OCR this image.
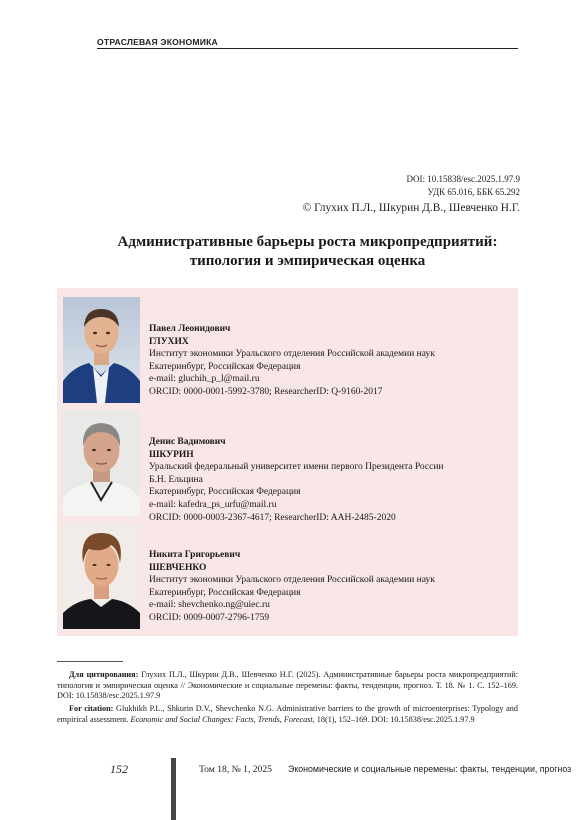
ОТРАСЛЕВАЯ ЭКОНОМИКА
DOI: 10.15838/esc.2025.1.97.9
УДК 65.016, ББК 65.292
© Глухих П.Л., Шкурин Д.В., Шевченко Н.Г.
Административные барьеры роста микропредприятий:
типология и эмпирическая оценка
Павел Леонидович
ГЛУХИХ
Институт экономики Уральского отделения Российской академии наук
Екатеринбург, Российская Федерация
e-mail: gluchih_p_l@mail.ru
ORCID: 0000-0001-5992-3780; ResearcherID: Q-9160-2017
Денис Вадимович
ШКУРИН
Уральский федеральный университет имени первого Президента России
Б.Н. Ельцина
Екатеринбург, Российская Федерация
e-mail: kafedra_ps_urfu@mail.ru
ORCID: 0000-0003-2367-4617; ResearcherID: AAH-2485-2020
Никита Григорьевич
ШЕВЧЕНКО
Институт экономики Уральского отделения Российской академии наук
Екатеринбург, Российская Федерация
e-mail: shevchenko.ng@uiec.ru
ORCID: 0009-0007-2796-1759
Для цитирования: Глухих П.Л., Шкурин Д.В., Шевченко Н.Г. (2025). Административные барьеры роста микропредприятий: типология и эмпирическая оценка // Экономические и социальные перемены: факты, тенденции, прогноз. Т. 18. № 1. С. 152–169. DOI: 10.15838/esc.2025.1.97.9
For citation: Glukhikh P.L., Shkurin D.V., Shevchenko N.G. Administrative barriers to the growth of microenterprises: Typology and empirical assessment. Economic and Social Changes: Facts, Trends, Forecast, 18(1), 152–169. DOI: 10.15838/esc.2025.1.97.9
152	Том 18, № 1, 2025 Экономические и социальные перемены: факты, тенденции, прогноз
